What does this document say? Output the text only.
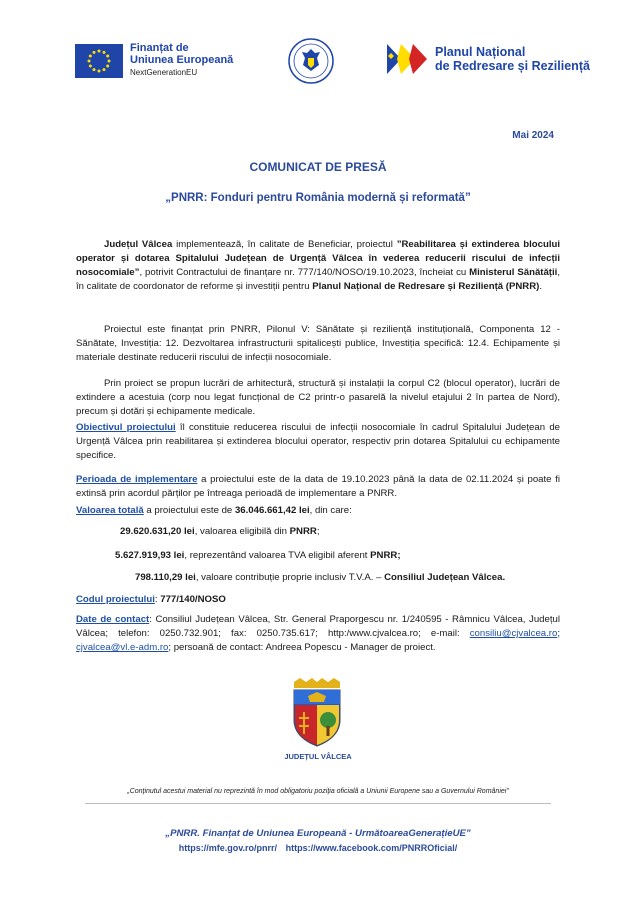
Finanțat de
Uniunea Europeană
NextGenerationEU
Planul Național
de Redresare și Reziliență
Mai 2024
COMUNICAT DE PRESĂ
„PNRR: Fonduri pentru România modernă și reformată”
Județul Vâlcea implementează, în calitate de Beneficiar, proiectul ”Reabilitarea și extinderea blocului operator și dotarea Spitalului Județean de Urgență Vâlcea în vederea reducerii riscului de infecții nosocomiale”, potrivit Contractului de finanțare nr. 777/140/NOSO/19.10.2023, încheiat cu Ministerul Sănătății, în calitate de coordonator de reforme și investiții pentru Planul Național de Redresare și Reziliență (PNRR).
Proiectul este finanțat prin PNRR, Pilonul V: Sănătate și reziliență instituțională, Componenta 12 - Sănătate, Investiția: 12. Dezvoltarea infrastructurii spitalicești publice, Investiția specifică: 12.4. Echipamente și materiale destinate reducerii riscului de infecții nosocomiale.
Prin proiect se propun lucrări de arhitectură, structură și instalații la corpul C2 (blocul operator), lucrări de extindere a acestuia (corp nou legat funcțional de C2 printr-o pasarelă la nivelul etajului 2 în partea de Nord), precum și dotări și echipamente medicale.
Obiectivul proiectului îl constituie reducerea riscului de infecții nosocomiale în cadrul Spitalului Județean de Urgență Vâlcea prin reabilitarea și extinderea blocului operator, respectiv prin dotarea Spitalului cu echipamente specifice.
Perioada de implementare a proiectului este de la data de 19.10.2023 până la data de 02.11.2024 și poate fi extinsă prin acordul părților pe întreaga perioadă de implementare a PNRR.
Valoarea totală a proiectului este de 36.046.661,42 lei, din care:
29.620.631,20 lei, valoarea eligibilă din PNRR;
5.627.919,93 lei, reprezentând valoarea TVA eligibil aferent PNRR;
798.110,29 lei, valoare contribuție proprie inclusiv T.V.A. – Consiliul Județean Vâlcea.
Codul proiectului: 777/140/NOSO
Date de contact: Consiliul Județean Vâlcea, Str. General Praporgescu nr. 1/240595 - Râmnicu Vâlcea, Județul Vâlcea; telefon: 0250.732.901; fax: 0250.735.617; http:/www.cjvalcea.ro; e-mail: consiliu@cjvalcea.ro; cjvalcea@vl.e-adm.ro; persoană de contact: Andreea Popescu - Manager de proiect.
JUDEȚUL VÂLCEA
„Conținutul acestui material nu reprezintă în mod obligatoriu poziția oficială a Uniunii Europene sau a Guvernului României”
„PNRR. Finanțat de Uniunea Europeană - UrmătoareaGenerațieUE”
https://mfe.gov.ro/pnrr/ https://www.facebook.com/PNRROficial/
